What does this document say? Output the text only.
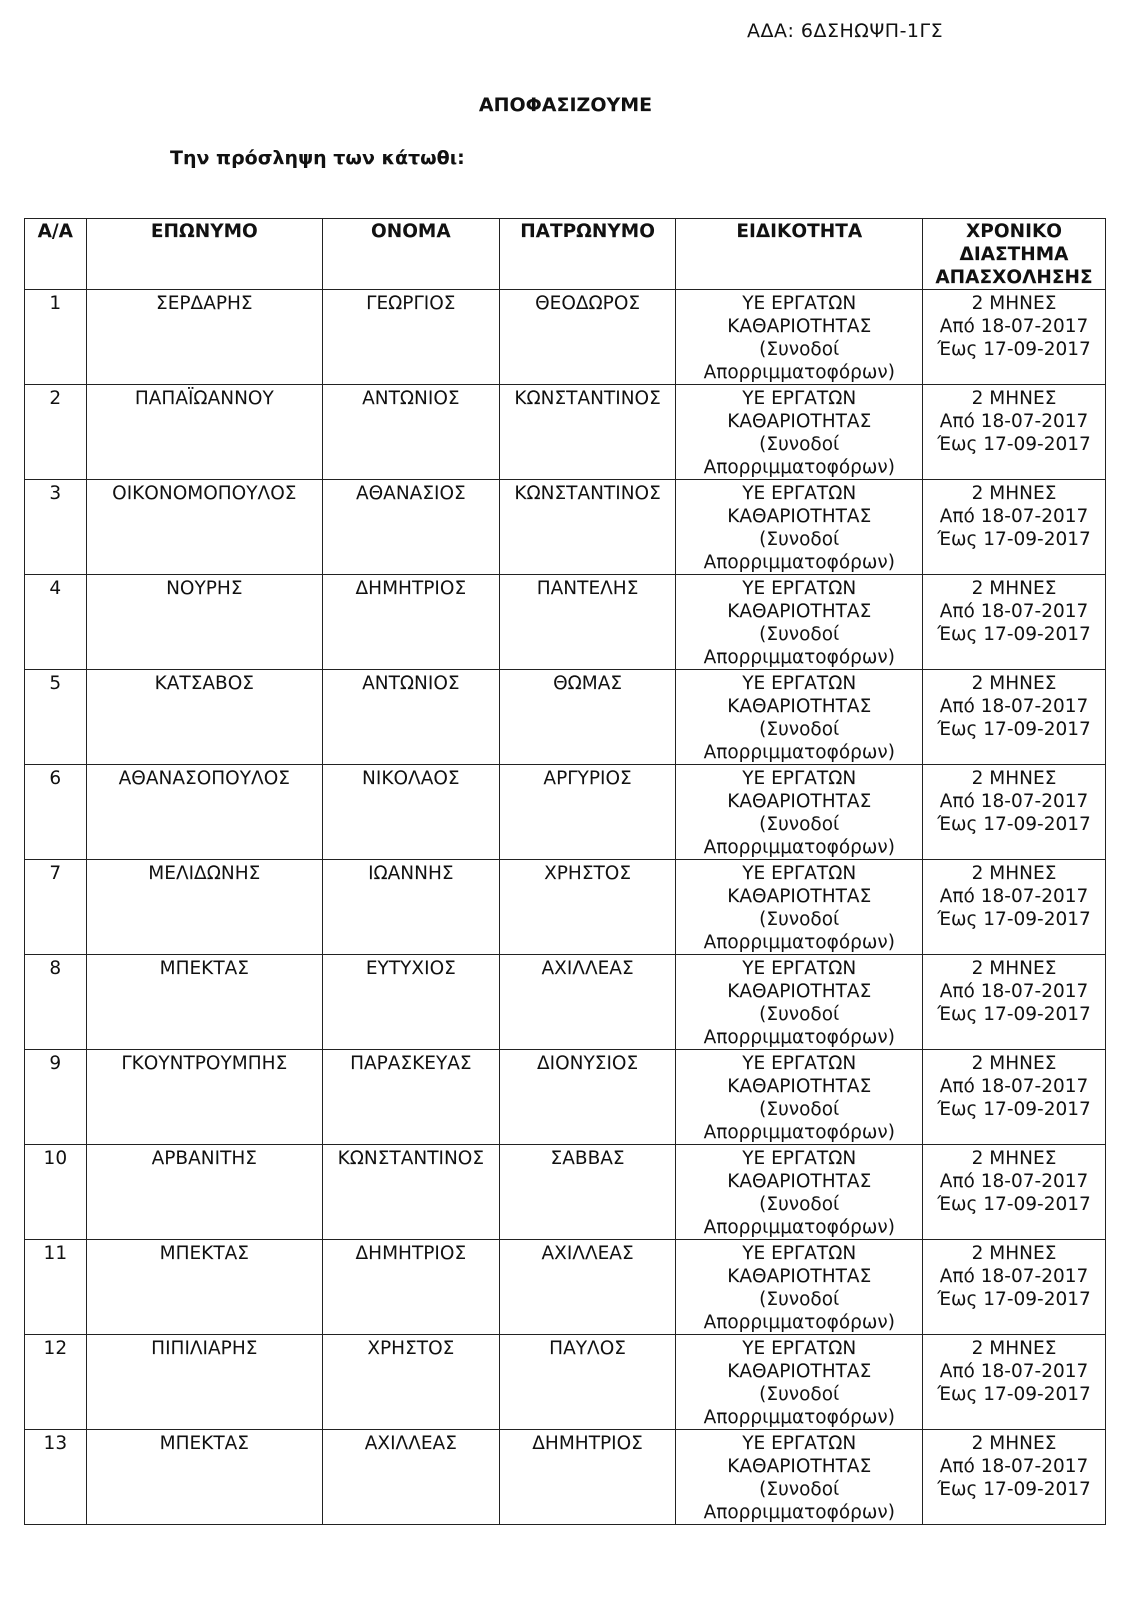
ΑΔΑ: 6ΔΣΗΩΨΠ-1ΓΣ
ΑΠΟΦΑΣΙΖΟΥΜΕ
Την πρόσληψη των κάτωθι:
Α/Α	ΕΠΩΝΥΜΟ	ΟΝΟΜΑ	ΠΑΤΡΩΝΥΜΟ	ΕΙΔΙΚΟΤΗΤΑ	ΧΡΟΝΙΚΟ
ΔΙΑΣΤΗΜΑ
ΑΠΑΣΧΟΛΗΣΗΣ

1	ΣΕΡΔΑΡΗΣ	ΓΕΩΡΓΙΟΣ	ΘΕΟΔΩΡΟΣ	ΥΕ ΕΡΓΑΤΩΝ
ΚΑΘΑΡΙΟΤΗΤΑΣ
(Συνοδοί
Απορριμματοφόρων)	2 ΜΗΝΕΣ
Από 18-07-2017
Έως 17-09-2017

2	ΠΑΠΑΪΩΑΝΝΟΥ	ΑΝΤΩΝΙΟΣ	ΚΩΝΣΤΑΝΤΙΝΟΣ	ΥΕ ΕΡΓΑΤΩΝ
ΚΑΘΑΡΙΟΤΗΤΑΣ
(Συνοδοί
Απορριμματοφόρων)	2 ΜΗΝΕΣ
Από 18-07-2017
Έως 17-09-2017

3	ΟΙΚΟΝΟΜΟΠΟΥΛΟΣ	ΑΘΑΝΑΣΙΟΣ	ΚΩΝΣΤΑΝΤΙΝΟΣ	ΥΕ ΕΡΓΑΤΩΝ
ΚΑΘΑΡΙΟΤΗΤΑΣ
(Συνοδοί
Απορριμματοφόρων)	2 ΜΗΝΕΣ
Από 18-07-2017
Έως 17-09-2017

4	ΝΟΥΡΗΣ	ΔΗΜΗΤΡΙΟΣ	ΠΑΝΤΕΛΗΣ	ΥΕ ΕΡΓΑΤΩΝ
ΚΑΘΑΡΙΟΤΗΤΑΣ
(Συνοδοί
Απορριμματοφόρων)	2 ΜΗΝΕΣ
Από 18-07-2017
Έως 17-09-2017

5	ΚΑΤΣΑΒΟΣ	ΑΝΤΩΝΙΟΣ	ΘΩΜΑΣ	ΥΕ ΕΡΓΑΤΩΝ
ΚΑΘΑΡΙΟΤΗΤΑΣ
(Συνοδοί
Απορριμματοφόρων)	2 ΜΗΝΕΣ
Από 18-07-2017
Έως 17-09-2017

6	ΑΘΑΝΑΣΟΠΟΥΛΟΣ	ΝΙΚΟΛΑΟΣ	ΑΡΓΥΡΙΟΣ	ΥΕ ΕΡΓΑΤΩΝ
ΚΑΘΑΡΙΟΤΗΤΑΣ
(Συνοδοί
Απορριμματοφόρων)	2 ΜΗΝΕΣ
Από 18-07-2017
Έως 17-09-2017

7	ΜΕΛΙΔΩΝΗΣ	ΙΩΑΝΝΗΣ	ΧΡΗΣΤΟΣ	ΥΕ ΕΡΓΑΤΩΝ
ΚΑΘΑΡΙΟΤΗΤΑΣ
(Συνοδοί
Απορριμματοφόρων)	2 ΜΗΝΕΣ
Από 18-07-2017
Έως 17-09-2017

8	ΜΠΕΚΤΑΣ	ΕΥΤΥΧΙΟΣ	ΑΧΙΛΛΕΑΣ	ΥΕ ΕΡΓΑΤΩΝ
ΚΑΘΑΡΙΟΤΗΤΑΣ
(Συνοδοί
Απορριμματοφόρων)	2 ΜΗΝΕΣ
Από 18-07-2017
Έως 17-09-2017

9	ΓΚΟΥΝΤΡΟΥΜΠΗΣ	ΠΑΡΑΣΚΕΥΑΣ	ΔΙΟΝΥΣΙΟΣ	ΥΕ ΕΡΓΑΤΩΝ
ΚΑΘΑΡΙΟΤΗΤΑΣ
(Συνοδοί
Απορριμματοφόρων)	2 ΜΗΝΕΣ
Από 18-07-2017
Έως 17-09-2017

10	ΑΡΒΑΝΙΤΗΣ	ΚΩΝΣΤΑΝΤΙΝΟΣ	ΣΑΒΒΑΣ	ΥΕ ΕΡΓΑΤΩΝ
ΚΑΘΑΡΙΟΤΗΤΑΣ
(Συνοδοί
Απορριμματοφόρων)	2 ΜΗΝΕΣ
Από 18-07-2017
Έως 17-09-2017

11	ΜΠΕΚΤΑΣ	ΔΗΜΗΤΡΙΟΣ	ΑΧΙΛΛΕΑΣ	ΥΕ ΕΡΓΑΤΩΝ
ΚΑΘΑΡΙΟΤΗΤΑΣ
(Συνοδοί
Απορριμματοφόρων)	2 ΜΗΝΕΣ
Από 18-07-2017
Έως 17-09-2017

12	ΠΙΠΙΛΙΑΡΗΣ	ΧΡΗΣΤΟΣ	ΠΑΥΛΟΣ	ΥΕ ΕΡΓΑΤΩΝ
ΚΑΘΑΡΙΟΤΗΤΑΣ
(Συνοδοί
Απορριμματοφόρων)	2 ΜΗΝΕΣ
Από 18-07-2017
Έως 17-09-2017

13	ΜΠΕΚΤΑΣ	ΑΧΙΛΛΕΑΣ	ΔΗΜΗΤΡΙΟΣ	ΥΕ ΕΡΓΑΤΩΝ
ΚΑΘΑΡΙΟΤΗΤΑΣ
(Συνοδοί
Απορριμματοφόρων)	2 ΜΗΝΕΣ
Από 18-07-2017
Έως 17-09-2017
